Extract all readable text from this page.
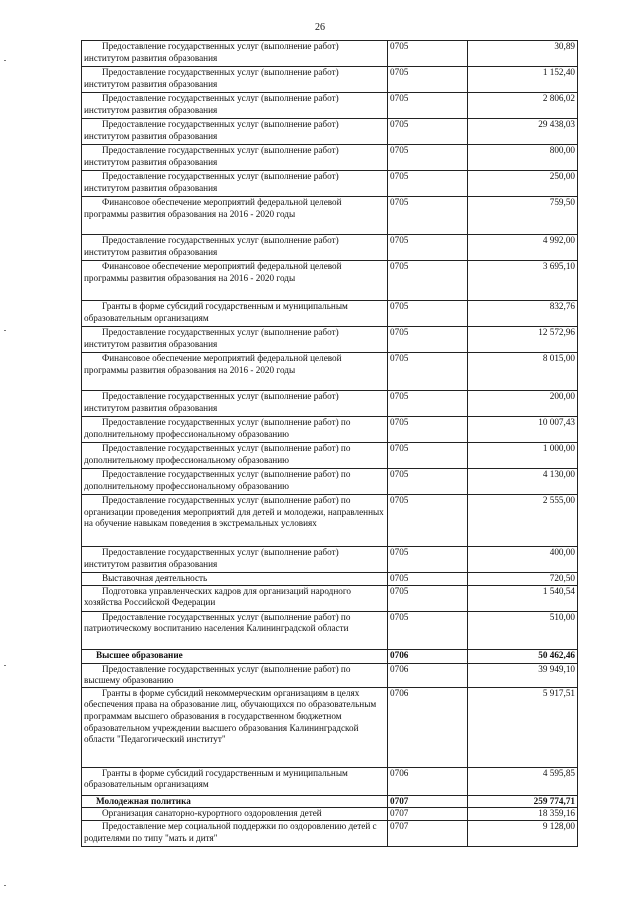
26
Предоставление государственных услуг (выполнение работ) институтом развития образования	0705	30,89
Предоставление государственных услуг (выполнение работ) институтом развития образования	0705	1 152,40
Предоставление государственных услуг (выполнение работ) институтом развития образования	0705	2 806,02
Предоставление государственных услуг (выполнение работ) институтом развития образования	0705	29 438,03
Предоставление государственных услуг (выполнение работ) институтом развития образования	0705	800,00
Предоставление государственных услуг (выполнение работ) институтом развития образования	0705	250,00
Финансовое обеспечение мероприятий федеральной целевой программы развития образования на 2016 - 2020 годы	0705	759,50
Предоставление государственных услуг (выполнение работ) институтом развития образования	0705	4 992,00
Финансовое обеспечение мероприятий федеральной целевой программы развития образования на 2016 - 2020 годы	0705	3 695,10
Гранты в форме субсидий государственным и муниципальным образовательным организациям	0705	832,76
Предоставление государственных услуг (выполнение работ) институтом развития образования	0705	12 572,96
Финансовое обеспечение мероприятий федеральной целевой программы развития образования на 2016 - 2020 годы	0705	8 015,00
Предоставление государственных услуг (выполнение работ) институтом развития образования	0705	200,00
Предоставление государственных услуг (выполнение работ) по дополнительному профессиональному образованию	0705	10 007,43
Предоставление государственных услуг (выполнение работ) по дополнительному профессиональному образованию	0705	1 000,00
Предоставление государственных услуг (выполнение работ) по дополнительному профессиональному образованию	0705	4 130,00
Предоставление государственных услуг (выполнение работ) по организации проведения мероприятий для детей и молодежи, направленных на обучение навыкам поведения в экстремальных условиях	0705	2 555,00
Предоставление государственных услуг (выполнение работ) институтом развития образования	0705	400,00
Выставочная деятельность	0705	720,50
Подготовка управленческих кадров для организаций народного хозяйства Российской Федерации	0705	1 540,54
Предоставление государственных услуг (выполнение работ) по патриотическому воспитанию населения Калининградской области	0705	510,00
Высшее образование	0706	50 462,46
Предоставление государственных услуг (выполнение работ) по высшему образованию	0706	39 949,10
Гранты в форме субсидий некоммерческим организациям в целях обеспечения права на образование лиц, обучающихся по образовательным программам высшего образования в государственном бюджетном образовательном учреждении высшего образования Калининградской области "Педагогический институт"	0706	5 917,51
Гранты в форме субсидий государственным и муниципальным образовательным организациям	0706	4 595,85
Молодежная политика	0707	259 774,71
Организация санаторно-курортного оздоровления детей	0707	18 359,16
Предоставление мер социальной поддержки по оздоровлению детей с родителями по типу "мать и дитя"	0707	9 128,00
